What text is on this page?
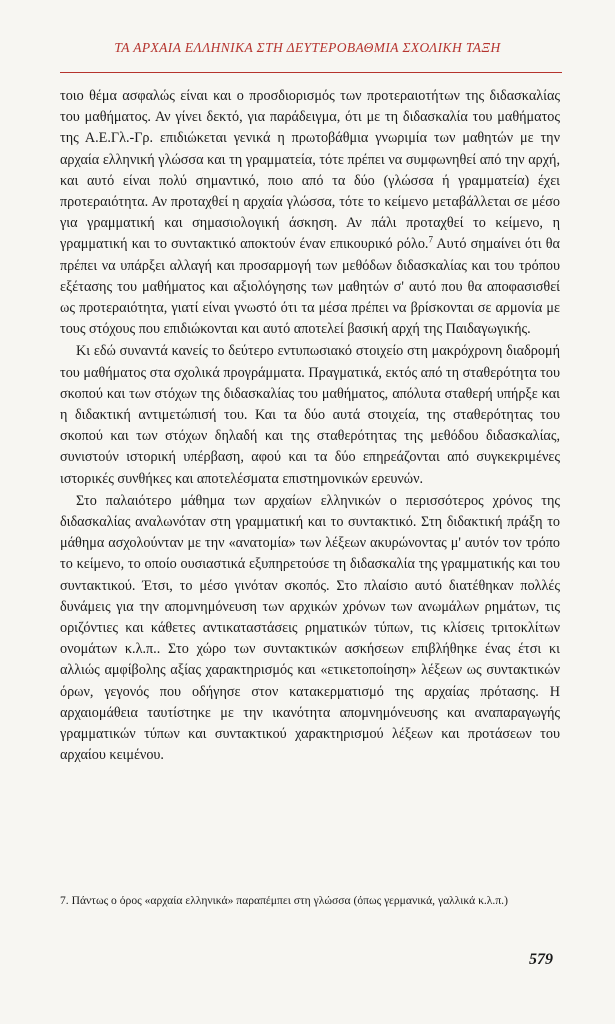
ΤΑ ΑΡΧΑΙΑ ΕΛΛΗΝΙΚΑ ΣΤΗ ΔΕΥΤΕΡΟΒΑΘΜΙΑ ΣΧΟΛΙΚΗ ΤΑΞΗ

τοιο θέμα ασφαλώς είναι και ο προσδιορισμός των προτεραιοτήτων της διδασκαλίας του μαθήματος. Αν γίνει δεκτό, για παράδειγμα, ότι με τη διδασκαλία του μαθήματος της Α.Ε.Γλ.-Γρ. επιδιώκεται γενικά η πρωτοβάθμια γνωριμία των μαθητών με την αρχαία ελληνική γλώσσα και τη γραμματεία, τότε πρέπει να συμφωνηθεί από την αρχή, και αυτό είναι πολύ σημαντικό, ποιο από τα δύο (γλώσσα ή γραμματεία) έχει προτεραιότητα. Αν προταχθεί η αρχαία γλώσσα, τότε το κείμενο μεταβάλλεται σε μέσο για γραμματική και σημασιολογική άσκηση. Αν πάλι προταχθεί το κείμενο, η γραμματική και το συντακτικό αποκτούν έναν επικουρικό ρόλο.$^7$ Αυτό σημαίνει ότι θα πρέπει να υπάρξει αλλαγή και προσαρμογή των μεθόδων διδασκαλίας και του τρόπου εξέτασης του μαθήματος και αξιολόγησης των μαθητών σ' αυτό που θα αποφασισθεί ως προτεραιότητα, γιατί είναι γνωστό ότι τα μέσα πρέπει να βρίσκονται σε αρμονία με τους στόχους που επιδιώκονται και αυτό αποτελεί βασική αρχή της Παιδαγωγικής.

Κι εδώ συναντά κανείς το δεύτερο εντυπωσιακό στοιχείο στη μακρόχρονη διαδρομή του μαθήματος στα σχολικά προγράμματα. Πραγματικά, εκτός από τη σταθερότητα του σκοπού και των στόχων της διδασκαλίας του μαθήματος, απόλυτα σταθερή υπήρξε και η διδακτική αντιμετώπισή του. Και τα δύο αυτά στοιχεία, της σταθερότητας του σκοπού και των στόχων δηλαδή και της σταθερότητας της μεθόδου διδασκαλίας, συνιστούν ιστορική υπέρβαση, αφού και τα δύο επηρεάζονται από συγκεκριμένες ιστορικές συνθήκες και αποτελέσματα επιστημονικών ερευνών.

Στο παλαιότερο μάθημα των αρχαίων ελληνικών ο περισσότερος χρόνος της διδασκαλίας αναλωνόταν στη γραμματική και το συντακτικό. Στη διδακτική πράξη το μάθημα ασχολούνταν με την «ανατομία» των λέξεων ακυρώνοντας μ' αυτόν τον τρόπο το κείμενο, το οποίο ουσιαστικά εξυπηρετούσε τη διδασκαλία της γραμματικής και του συντακτικού. Έτσι, το μέσο γινόταν σκοπός. Στο πλαίσιο αυτό διατέθηκαν πολλές δυνάμεις για την απομνημόνευση των αρχικών χρόνων των ανωμάλων ρημάτων, τις οριζόντιες και κάθετες αντικαταστάσεις ρηματικών τύπων, τις κλίσεις τριτοκλίτων ονομάτων κ.λ.π.. Στο χώρο των συντακτικών ασκήσεων επιβλήθηκε ένας έτσι κι αλλιώς αμφίβολης αξίας χαρακτηρισμός και «ετικετοποίηση» λέξεων ως συντακτικών όρων, γεγονός που οδήγησε στον κατακερματισμό της αρχαίας πρότασης. Η αρχαιομάθεια ταυτίστηκε με την ικανότητα απομνημόνευσης και αναπαραγωγής γραμματικών τύπων και συντακτικού χαρακτηρισμού λέξεων και προτάσεων του αρχαίου κειμένου.

7. Πάντως ο όρος «αρχαία ελληνικά» παραπέμπει στη γλώσσα (όπως γερμανικά, γαλλικά κ.λ.π.)
579
